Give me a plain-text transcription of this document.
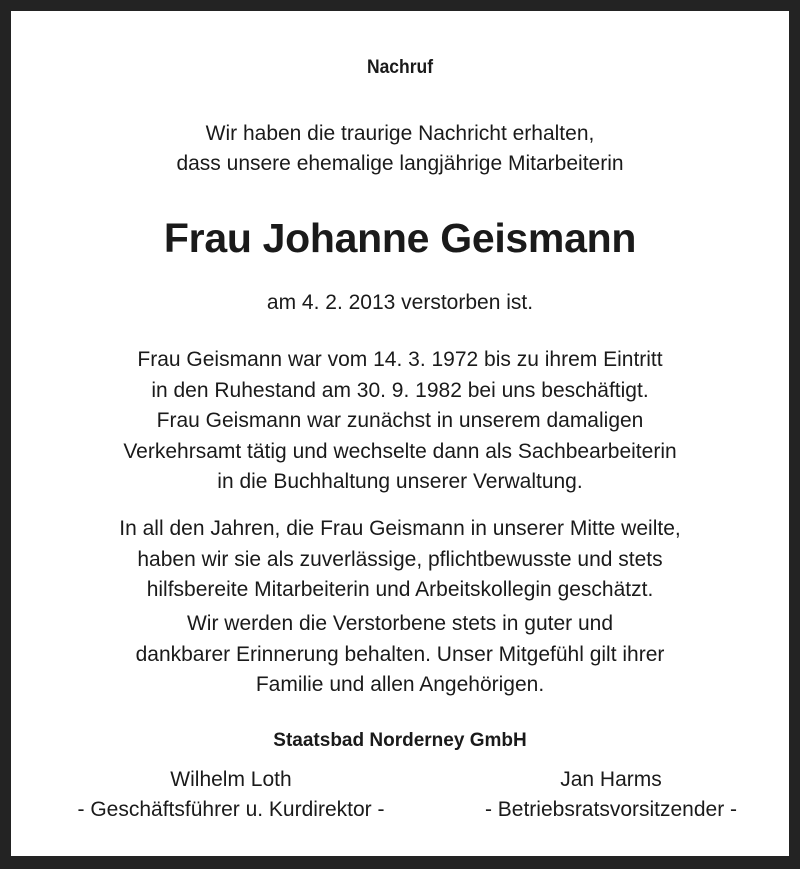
Nachruf
Wir haben die traurige Nachricht erhalten,
dass unsere ehemalige langjährige Mitarbeiterin
Frau Johanne Geismann
am 4. 2. 2013 verstorben ist.
Frau Geismann war vom 14. 3. 1972 bis zu ihrem Eintritt
in den Ruhestand am 30. 9. 1982 bei uns beschäftigt.
Frau Geismann war zunächst in unserem damaligen
Verkehrsamt tätig und wechselte dann als Sachbearbeiterin
in die Buchhaltung unserer Verwaltung.
In all den Jahren, die Frau Geismann in unserer Mitte weilte,
haben wir sie als zuverlässige, pflichtbewusste und stets
hilfsbereite Mitarbeiterin und Arbeitskollegin geschätzt.
Wir werden die Verstorbene stets in guter und
dankbarer Erinnerung behalten. Unser Mitgefühl gilt ihrer
Familie und allen Angehörigen.
Staatsbad Norderney GmbH
Wilhelm Loth
- Geschäftsführer u. Kurdirektor -
Jan Harms
- Betriebsratsvorsitzender -
